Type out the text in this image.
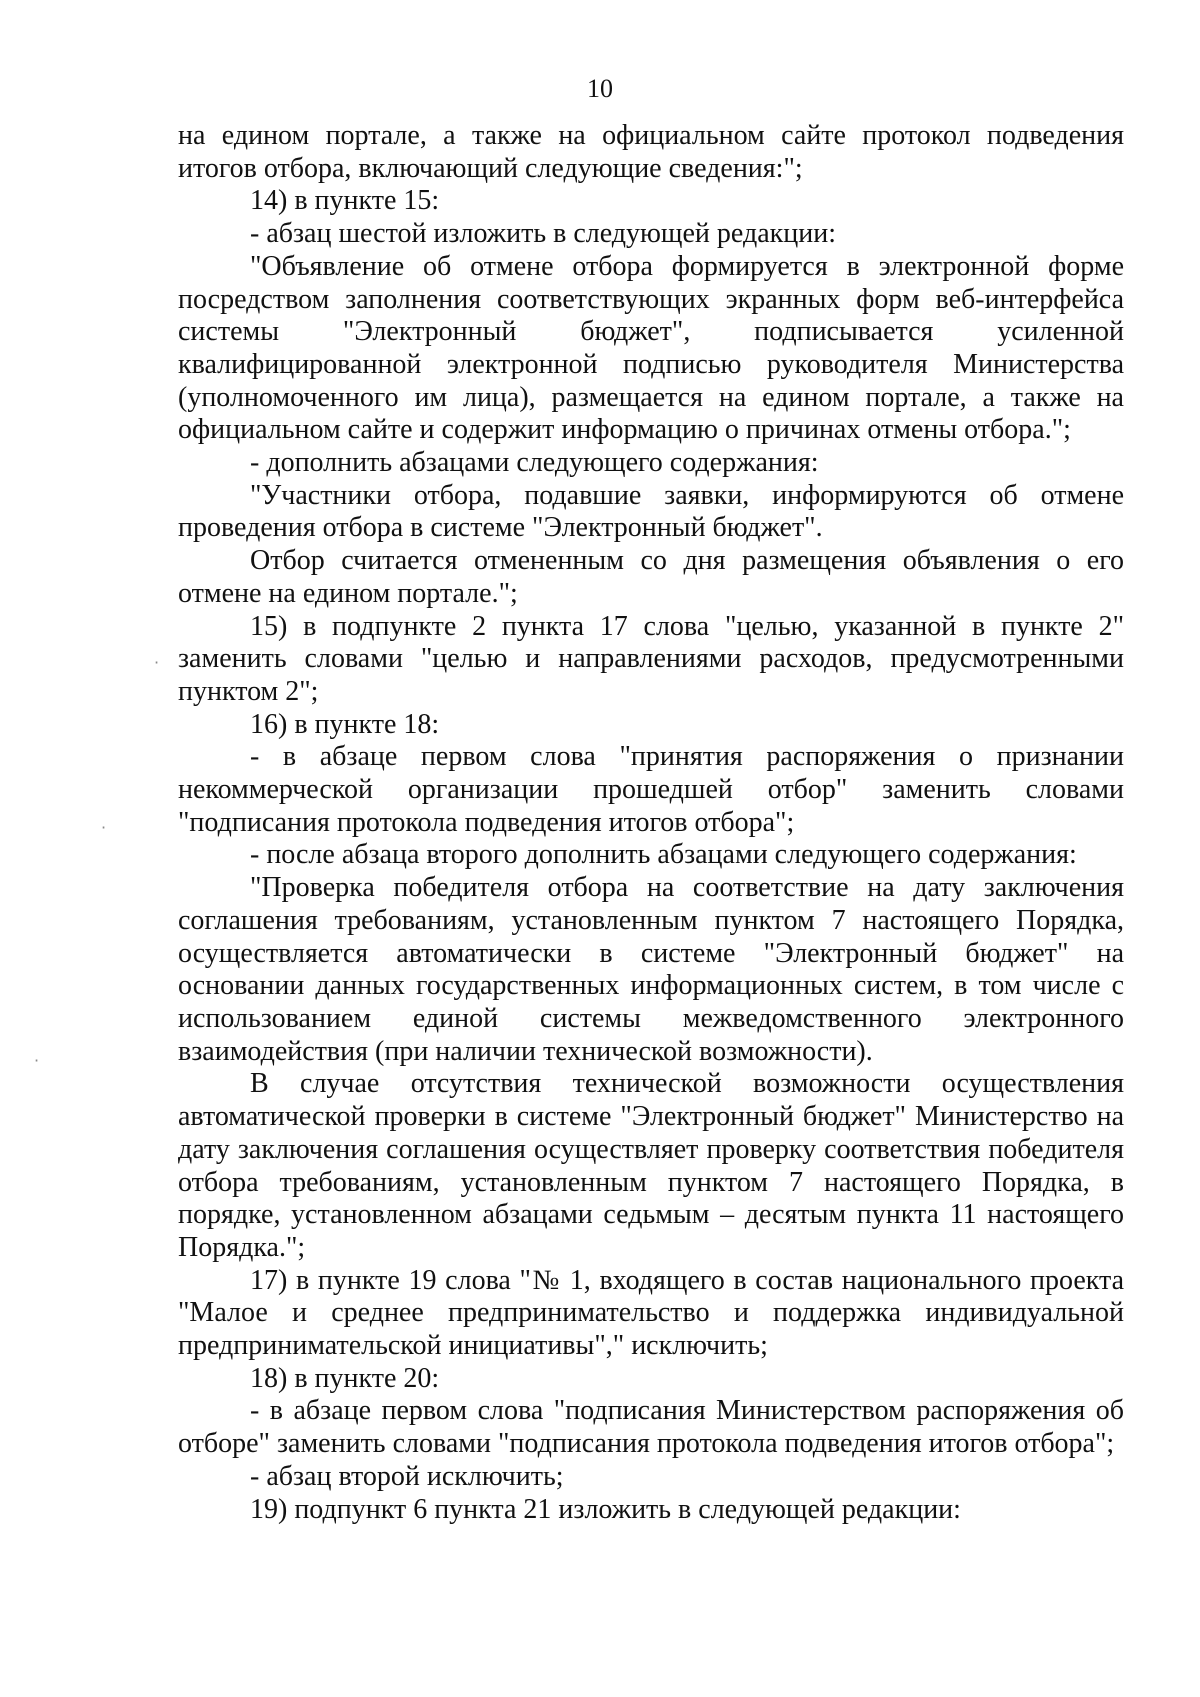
10

на едином портале, а также на официальном сайте протокол подведения итогов отбора, включающий следующие сведения:";

14) в пункте 15:

- абзац шестой изложить в следующей редакции:

"Объявление об отмене отбора формируется в электронной форме посредством заполнения соответствующих экранных форм веб-интерфейса системы "Электронный бюджет", подписывается усиленной квалифицированной электронной подписью руководителя Министерства (уполномоченного им лица), размещается на едином портале, а также на официальном сайте и содержит информацию о причинах отмены отбора.";

- дополнить абзацами следующего содержания:

"Участники отбора, подавшие заявки, информируются об отмене проведения отбора в системе "Электронный бюджет".

Отбор считается отмененным со дня размещения объявления о его отмене на едином портале.";

15) в подпункте 2 пункта 17 слова "целью, указанной в пункте 2" заменить словами "целью и направлениями расходов, предусмотренными пунктом 2";

16) в пункте 18:

- в абзаце первом слова "принятия распоряжения о признании некоммерческой организации прошедшей отбор" заменить словами "подписания протокола подведения итогов отбора";

- после абзаца второго дополнить абзацами следующего содержания:

"Проверка победителя отбора на соответствие на дату заключения соглашения требованиям, установленным пунктом 7 настоящего Порядка, осуществляется автоматически в системе "Электронный бюджет" на основании данных государственных информационных систем, в том числе с использованием единой системы межведомственного электронного взаимодействия (при наличии технической возможности).

В случае отсутствия технической возможности осуществления автоматической проверки в системе "Электронный бюджет" Министерство на дату заключения соглашения осуществляет проверку соответствия победителя отбора требованиям, установленным пунктом 7 настоящего Порядка, в порядке, установленном абзацами седьмым – десятым пункта 11 настоящего Порядка.";

17) в пункте 19 слова "№ 1, входящего в состав национального проекта "Малое и среднее предпринимательство и поддержка индивидуальной предпринимательской инициативы"," исключить;

18) в пункте 20:

- в абзаце первом слова "подписания Министерством распоряжения об отборе" заменить словами "подписания протокола подведения итогов отбора";

- абзац второй исключить;

19) подпункт 6 пункта 21 изложить в следующей редакции:

·
·
·
